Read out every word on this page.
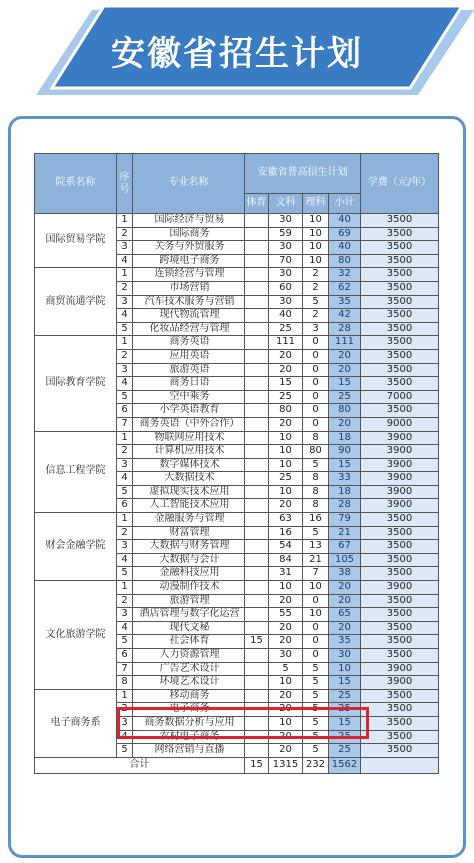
安徽省招生计划
院系名称	序号	专业名称	安徽省普高招生计划				学费（元/年）
			体育	文科	理科	小计	
国际贸易学院	1	国际经济与贸易		30	10	40	3500
	2	国际商务		59	10	69	3500
	3	关务与外贸服务		30	10	40	3500
	4	跨境电子商务		70	10	80	3500
商贸流通学院	1	连锁经营与管理		30	2	32	3500
	2	市场营销		60	2	62	3500
	3	汽车技术服务与营销		30	5	35	3500
	4	现代物流管理		40	2	42	3500
	5	化妆品经营与管理		25	3	28	3500
国际教育学院	1	商务英语		111	0	111	3500
	2	应用英语		20	0	20	3500
	3	旅游英语		20	0	20	3500
	4	商务日语		15	0	15	3500
	5	空中乘务		25	0	25	7000
	6	小学英语教育		80	0	80	3500
	7	商务英语（中外合作）		20	0	20	9000
信息工程学院	1	物联网应用技术		10	8	18	3900
	2	计算机应用技术		10	80	90	3900
	3	数字媒体技术		10	5	15	3900
	4	大数据技术		25	8	33	3900
	5	虚拟现实技术应用		10	8	18	3900
	6	人工智能技术应用		20	8	28	3900
财会金融学院	1	金融服务与管理		63	16	79	3500
	2	财富管理		16	5	21	3500
	3	大数据与财务管理		54	13	67	3500
	4	大数据与会计		84	21	105	3500
	5	金融科技应用		31	7	38	3500
文化旅游学院	1	动漫制作技术		10	10	20	3900
	2	旅游管理		20	0	20	3500
	3	酒店管理与数字化运营		55	10	65	3500
	4	现代文秘		20	0	20	3500
	5	社会体育	15	20	0	35	3500
	6	人力资源管理		30	0	30	3500
	7	广告艺术设计		5	5	10	3900
	8	环境艺术设计		10	5	15	3900
电子商务系	1	移动商务		20	5	25	3500
	2	电子商务		20	5	25	3500
	3	商务数据分析与应用		10	5	15	3500
	4	农村电子商务		20	5	25	3500
	5	网络营销与直播		20	5	25	3500
合计			15	1315	232	1562	
